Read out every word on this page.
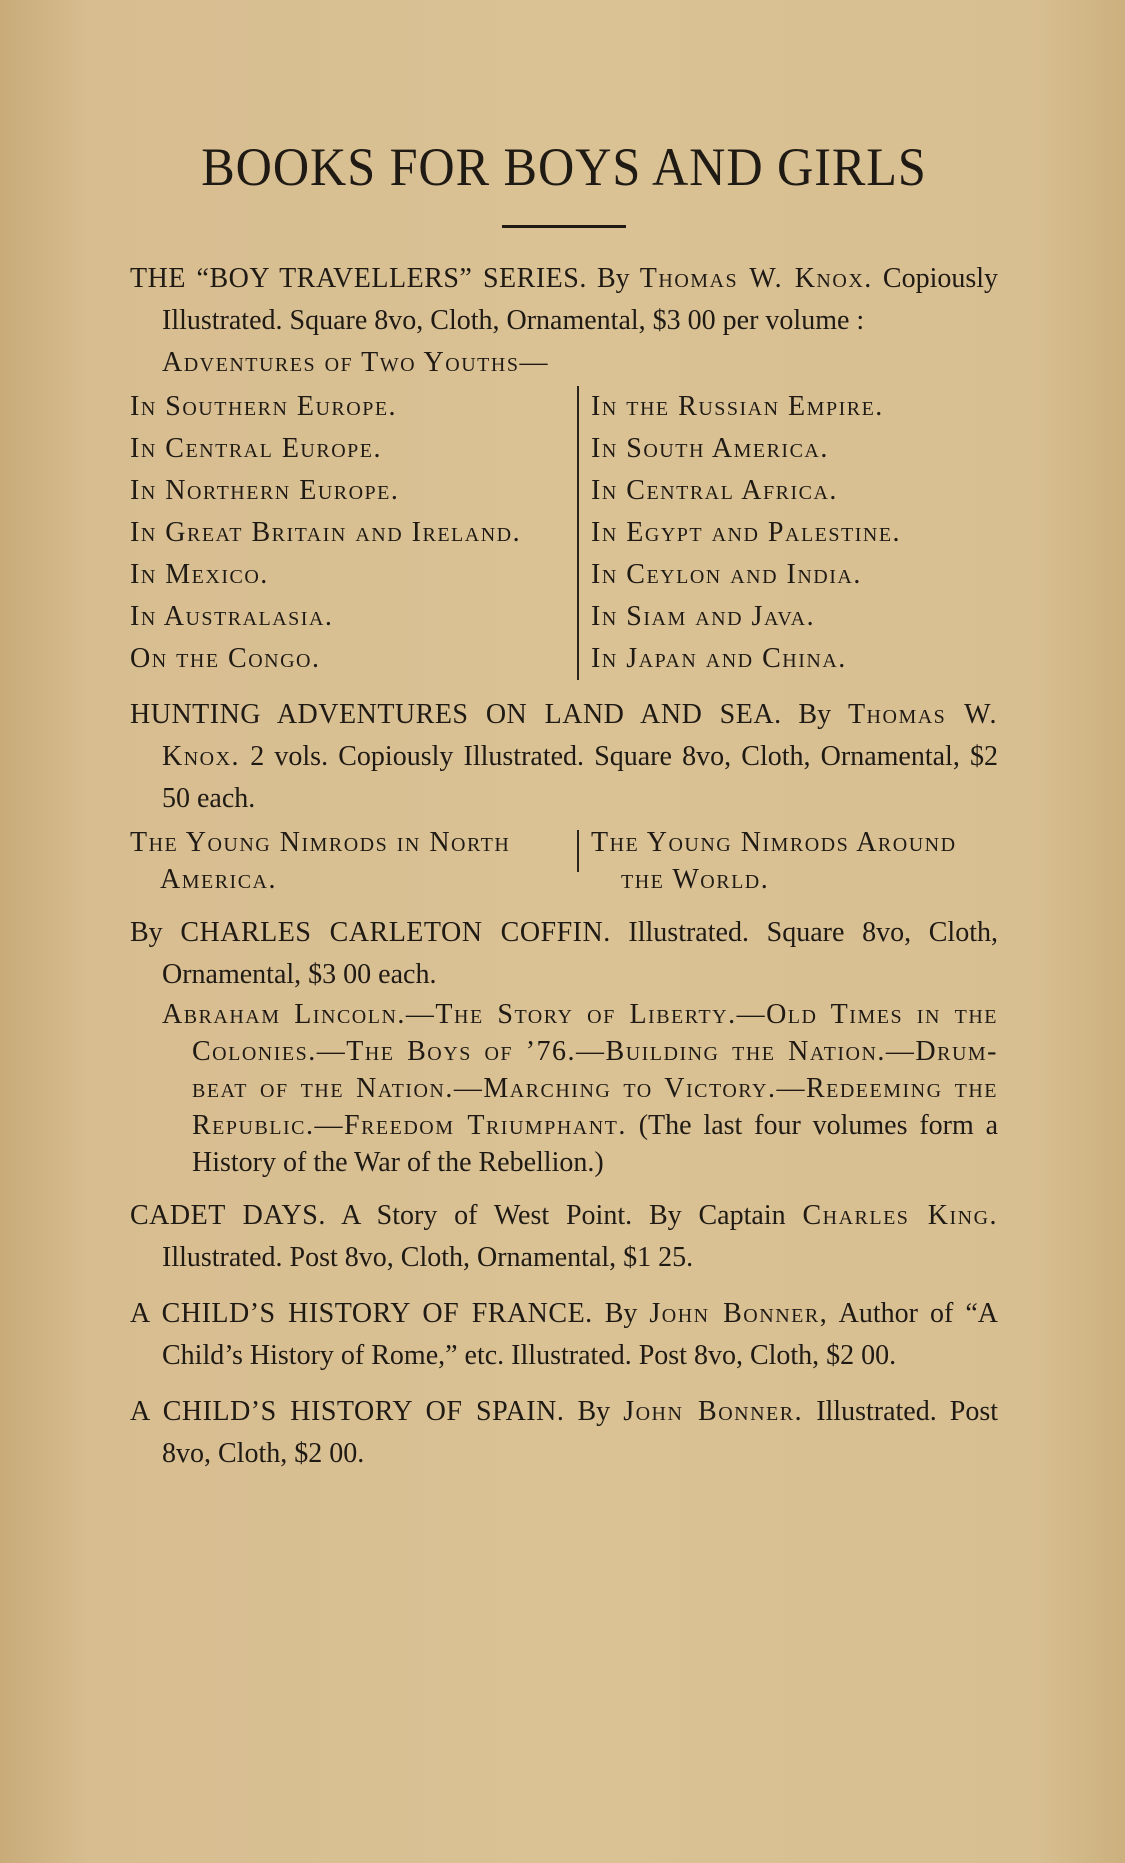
BOOKS FOR BOYS AND GIRLS

THE “BOY TRAVELLERS” SERIES. By Thomas W. Knox. Copiously Illustrated. Square 8vo, Cloth, Ornamental, $3 00 per volume :

Adventures of Two Youths—

In Southern Europe.
In Central Europe.
In Northern Europe.
In Great Britain and Ireland.
In Mexico.
In Australasia.
On the Congo.
In the Russian Empire.
In South America.
In Central Africa.
In Egypt and Palestine.
In Ceylon and India.
In Siam and Java.
In Japan and China.

HUNTING ADVENTURES ON LAND AND SEA. By Thomas W. Knox. 2 vols. Copiously Illustrated. Square 8vo, Cloth, Ornamental, $2 50 each.

The Young Nimrods in North America.
The Young Nimrods Around the World.

By CHARLES CARLETON COFFIN. Illustrated. Square 8vo, Cloth, Ornamental, $3 00 each.

Abraham Lincoln.—The Story of Liberty.—Old Times in the Colonies.—The Boys of ’76.—Building the Nation.—Drum-beat of the Nation.—Marching to Victory.—Redeeming the Republic.—Freedom Triumphant. (The last four volumes form a History of the War of the Rebellion.)

CADET DAYS. A Story of West Point. By Captain Charles King. Illustrated. Post 8vo, Cloth, Ornamental, $1 25.

A CHILD’S HISTORY OF FRANCE. By John Bonner, Author of “A Child’s History of Rome,” etc. Illustrated. Post 8vo, Cloth, $2 00.

A CHILD’S HISTORY OF SPAIN. By John Bonner. Illustrated. Post 8vo, Cloth, $2 00.
